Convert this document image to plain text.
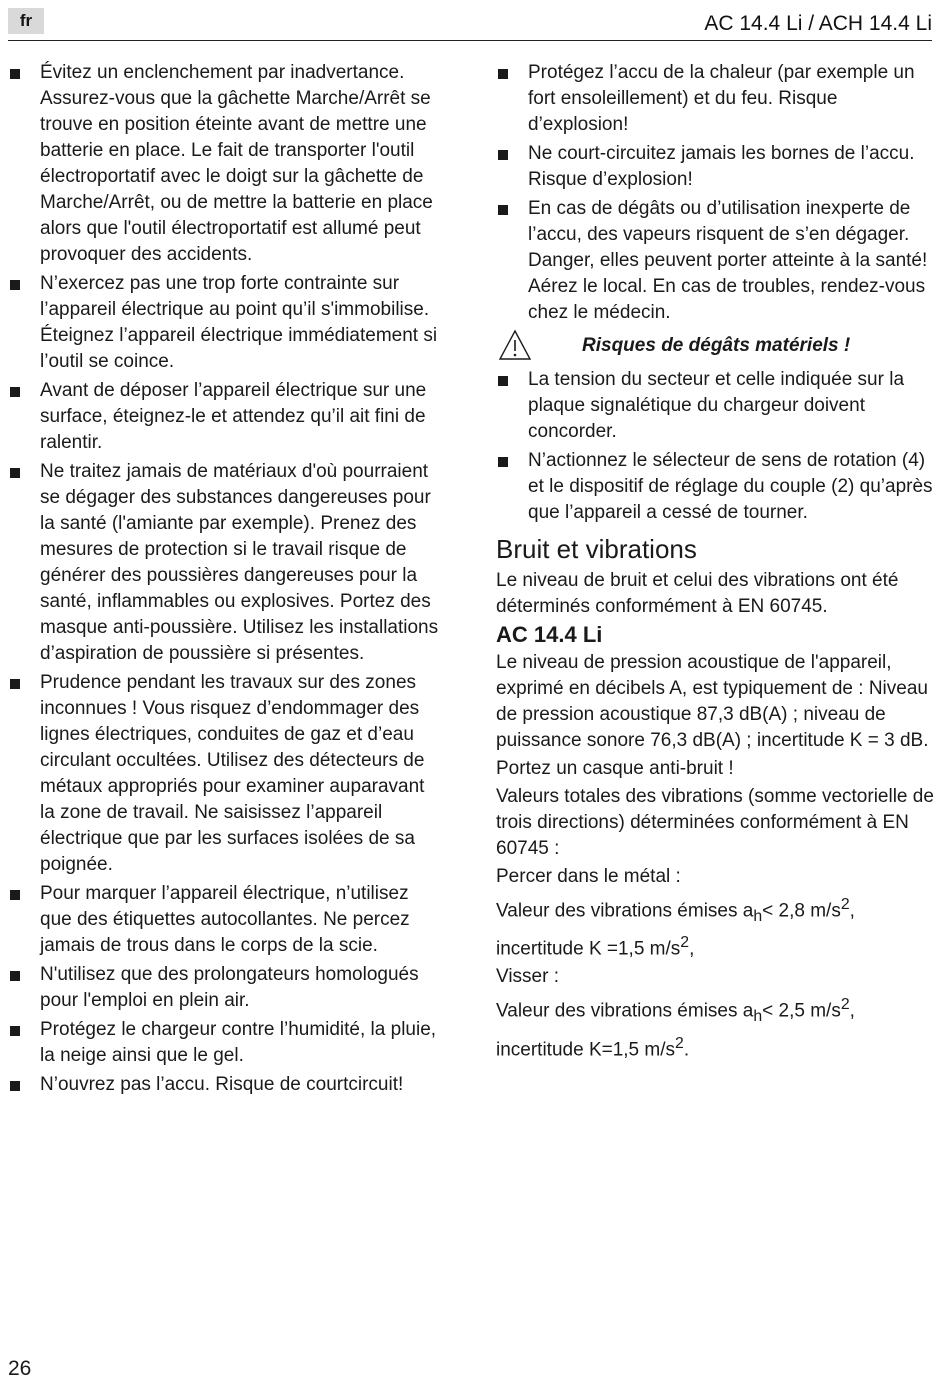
fr	AC 14.4 Li / ACH 14.4 Li
Évitez un enclenchement par inadvertance. Assurez-vous que la gâchette Marche/Arrêt se trouve en position éteinte avant de mettre une batterie en place. Le fait de transporter l'outil électroportatif avec le doigt sur la gâchette de Marche/Arrêt, ou de mettre la batterie en place alors que l'outil électroportatif est allumé peut provoquer des accidents.
N’exercez pas une trop forte contrainte sur l’appareil électrique au point qu’il s'immobilise. Éteignez l’appareil électrique immédiatement si l’outil se coince.
Avant de déposer l’appareil électrique sur une surface, éteignez-le et attendez qu’il ait fini de ralentir.
Ne traitez jamais de matériaux d'où pourraient se dégager des substances dangereuses pour la santé (l'amiante par exemple). Prenez des mesures de protection si le travail risque de générer des poussières dangereuses pour la santé, inflammables ou explosives. Portez des masque anti-poussière. Utilisez les installations d’aspiration de poussière si présentes.
Prudence pendant les travaux sur des zones inconnues ! Vous risquez d’endommager des lignes électriques, conduites de gaz et d’eau circulant occultées. Utilisez des détecteurs de métaux appropriés pour examiner auparavant la zone de travail. Ne saisissez l’appareil électrique que par les surfaces isolées de sa poignée.
Pour marquer l’appareil électrique, n’utilisez que des étiquettes autocollantes. Ne percez jamais de trous dans le corps de la scie.
N'utilisez que des prolongateurs homologués pour l'emploi en plein air.
Protégez le chargeur contre l’humidité, la pluie, la neige ainsi que le gel.
N’ouvrez pas l’accu. Risque de courtcircuit!
Protégez l’accu de la chaleur (par exemple un fort ensoleillement) et du feu. Risque d’explosion!
Ne court-circuitez jamais les bornes de l’accu. Risque d’explosion!
En cas de dégâts ou d’utilisation inexperte de l’accu, des vapeurs risquent de s’en dégager. Danger, elles peuvent porter atteinte à la santé! Aérez le local. En cas de troubles, rendez-vous chez le médecin.
Risques de dégâts matériels !
La tension du secteur et celle indiquée sur la plaque signalétique du chargeur doivent concorder.
N’actionnez le sélecteur de sens de rotation (4) et le dispositif de réglage du couple (2) qu’après que l’appareil a cessé de tourner.
Bruit et vibrations

Le niveau de bruit et celui des vibrations ont été déterminés conformément à EN 60745.

AC 14.4 Li

Le niveau de pression acoustique de l'appareil, exprimé en décibels A, est typiquement de : Niveau de pression acoustique 87,3 dB(A) ; niveau de puissance sonore 76,3 dB(A) ; incertitude K = 3 dB.

Portez un casque anti-bruit !

Valeurs totales des vibrations (somme vectorielle de trois directions) déterminées conformément à EN 60745 :

Percer dans le métal :

Valeur des vibrations émises $a_h< 2,8$ $m/s^2$,
incertitude K =1,5 $m/s^2$,

Visser :

Valeur des vibrations émises $a_h< 2,5$ $m/s^2$,
incertitude K=1,5 $m/s^2$.

26
